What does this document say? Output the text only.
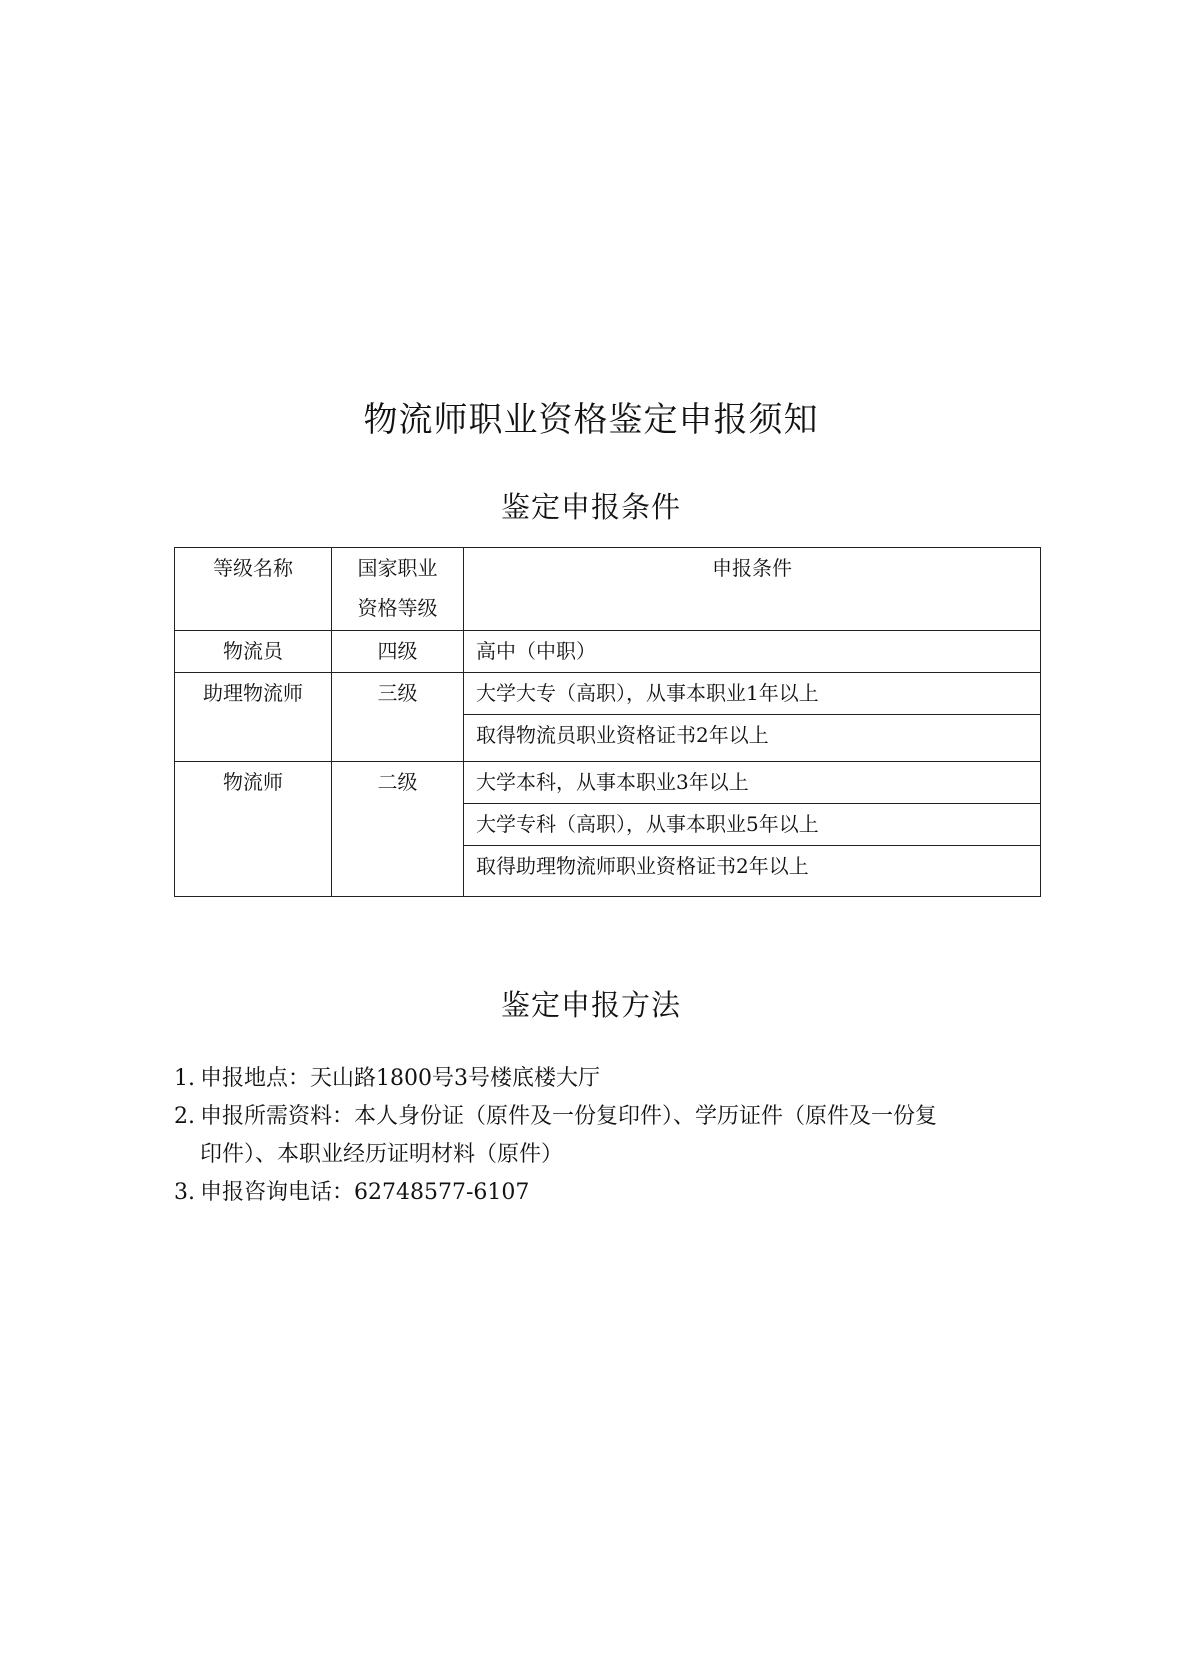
物流师职业资格鉴定申报须知
鉴定申报条件
等级名称	国家职业资格等级	申报条件
物流员	四级	高中（中职）
助理物流师	三级	大学大专（高职），从事本职业1年以上
		取得物流员职业资格证书2年以上
物流师	二级	大学本科，从事本职业3年以上
		大学专科（高职），从事本职业5年以上
		取得助理物流师职业资格证书2年以上
鉴定申报方法
1. 申报地点：天山路1800号3号楼底楼大厅
2. 申报所需资料：本人身份证（原件及一份复印件）、学历证件（原件及一份复
印件）、本职业经历证明材料（原件）
3. 申报咨询电话：62748577-6107
